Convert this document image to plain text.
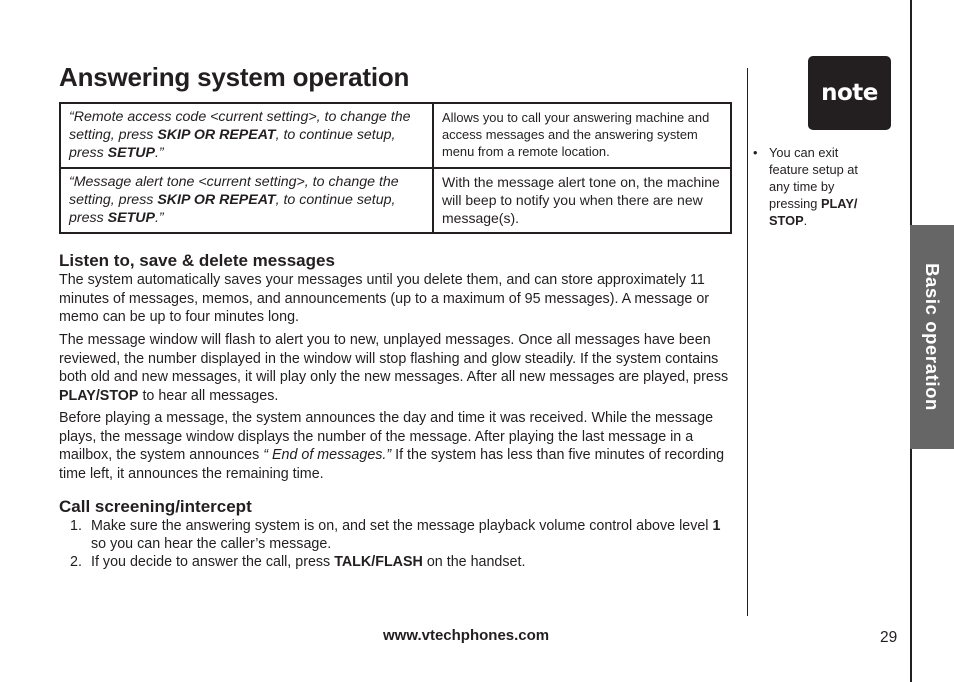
Answering system operation
“Remote access code <current setting>, to change the setting, press SKIP OR REPEAT, to continue setup, press SETUP.”	Allows you to call your answering machine and access messages and the answering system menu from a remote location.
“Message alert tone <current setting>, to change the setting, press SKIP OR REPEAT, to continue setup, press SETUP.”	With the message alert tone on, the machine will beep to notify you when there are new message(s).
Listen to, save & delete messages

The system automatically saves your messages until you delete them, and can store approximately 11 minutes of messages, memos, and announcements (up to a maximum of 95 messages). A message or memo can be up to four minutes long.

The message window will flash to alert you to new, unplayed messages. Once all messages have been reviewed, the number displayed in the window will stop flashing and glow steadily. If the system contains both old and new messages, it will play only the new messages. After all new messages are played, press PLAY/STOP to hear all messages.

Before playing a message, the system announces the day and time it was received. While the message plays, the message window displays the number of the message. After playing the last message in a mailbox, the system announces “ End of messages.” If the system has less than five minutes of recording time left, it announces the remaining time.

Call screening/intercept
1. Make sure the answering system is on, and set the message playback volume control above level 1 so you can hear the caller’s message.
2. If you decide to answer the call, press TALK/FLASH on the handset.
note
• You can exit feature setup at any time by pressing PLAY/ STOP.
Basic operation
www.vtechphones.com	29
